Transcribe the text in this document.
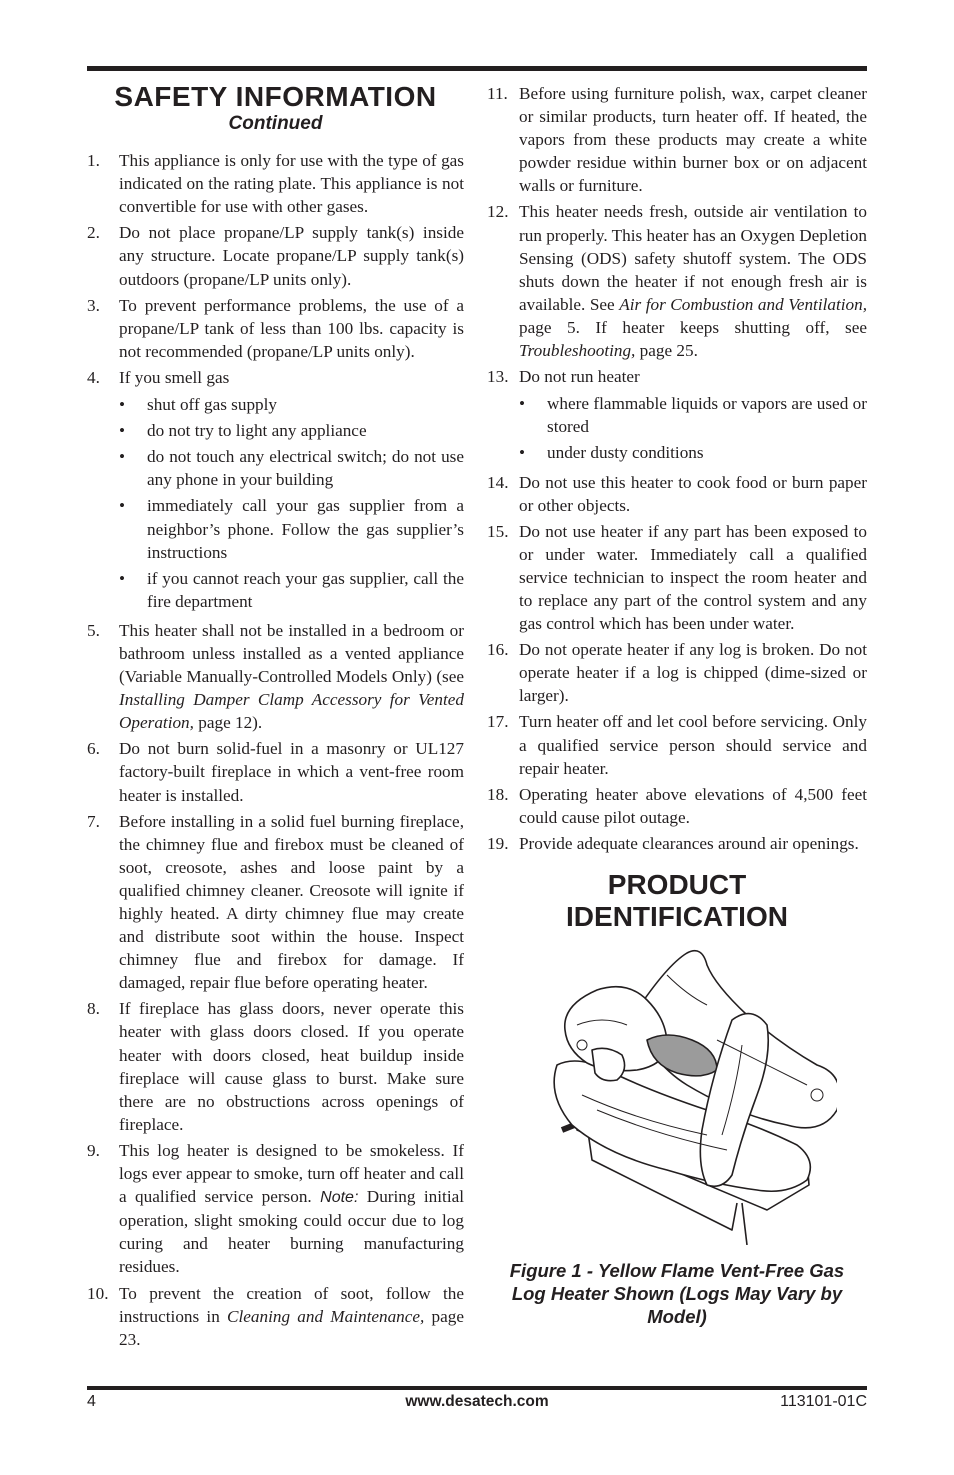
SAFETY INFORMATION
Continued
1.	This appliance is only for use with the type of gas indicated on the rating plate. This appliance is not convertible for use with other gases.
2.	Do not place propane/LP supply tank(s) inside any structure. Locate propane/LP supply tank(s) outdoors (propane/LP units only).
3.	To prevent performance problems, the use of a propane/LP tank of less than 100 lbs. capacity is not recommended (propane/LP units only).
4.	If you smell gas
•	shut off gas supply
•	do not try to light any appliance
•	do not touch any electrical switch; do not use any phone in your building
•	immediately call your gas supplier from a neighbor’s phone. Follow the gas supplier’s instructions
•	if you cannot reach your gas supplier, call the fire department
5.	This heater shall not be installed in a bedroom or bathroom unless installed as a vented appliance (Variable Manually-Controlled Models Only) (see Installing Damper Clamp Accessory for Vented Operation, page 12).
6.	Do not burn solid-fuel in a masonry or UL127 factory-built fireplace in which a vent-free room heater is installed.
7.	Before installing in a solid fuel burning fireplace, the chimney flue and firebox must be cleaned of soot, creosote, ashes and loose paint by a qualified chimney cleaner. Creosote will ignite if highly heated. A dirty chimney flue may create and distribute soot within the house. Inspect chimney flue and firebox for damage. If damaged, repair flue before operating heater.
8.	If fireplace has glass doors, never operate this heater with glass doors closed. If you operate heater with doors closed, heat buildup inside fireplace will cause glass to burst. Make sure there are no obstructions across openings of fireplace.
9.	This log heater is designed to be smokeless. If logs ever appear to smoke, turn off heater and call a qualified service person. Note: During initial operation, slight smoking could occur due to log curing and heater burning manufacturing residues.
10. To prevent the creation of soot, follow the instructions in Cleaning and Maintenance, page 23.
11. Before using furniture polish, wax, carpet cleaner or similar products, turn heater off. If heated, the vapors from these products may create a white powder residue within burner box or on adjacent walls or furniture.
12. This heater needs fresh, outside air ventilation to run properly. This heater has an Oxygen Depletion Sensing (ODS) safety shutoff system. The ODS shuts down the heater if not enough fresh air is available. See Air for Combustion and Ventilation, page 5. If heater keeps shutting off, see Troubleshooting, page 25.
13. Do not run heater
•	where flammable liquids or vapors are used or stored
•	under dusty conditions
14. Do not use this heater to cook food or burn paper or other objects.
15. Do not use heater if any part has been exposed to or under water. Immediately call a qualified service technician to inspect the room heater and to replace any part of the control system and any gas control which has been under water.
16. Do not operate heater if any log is broken. Do not operate heater if a log is chipped (dime-sized or larger).
17. Turn heater off and let cool before servicing. Only a qualified service person should service and repair heater.
18. Operating heater above elevations of 4,500 feet could cause pilot outage.
19. Provide adequate clearances around air openings.
PRODUCT
IDENTIFICATION
Figure 1 - Yellow Flame Vent-Free Gas Log Heater Shown (Logs May Vary by Model)
4	www.desatech.com	113101-01C
